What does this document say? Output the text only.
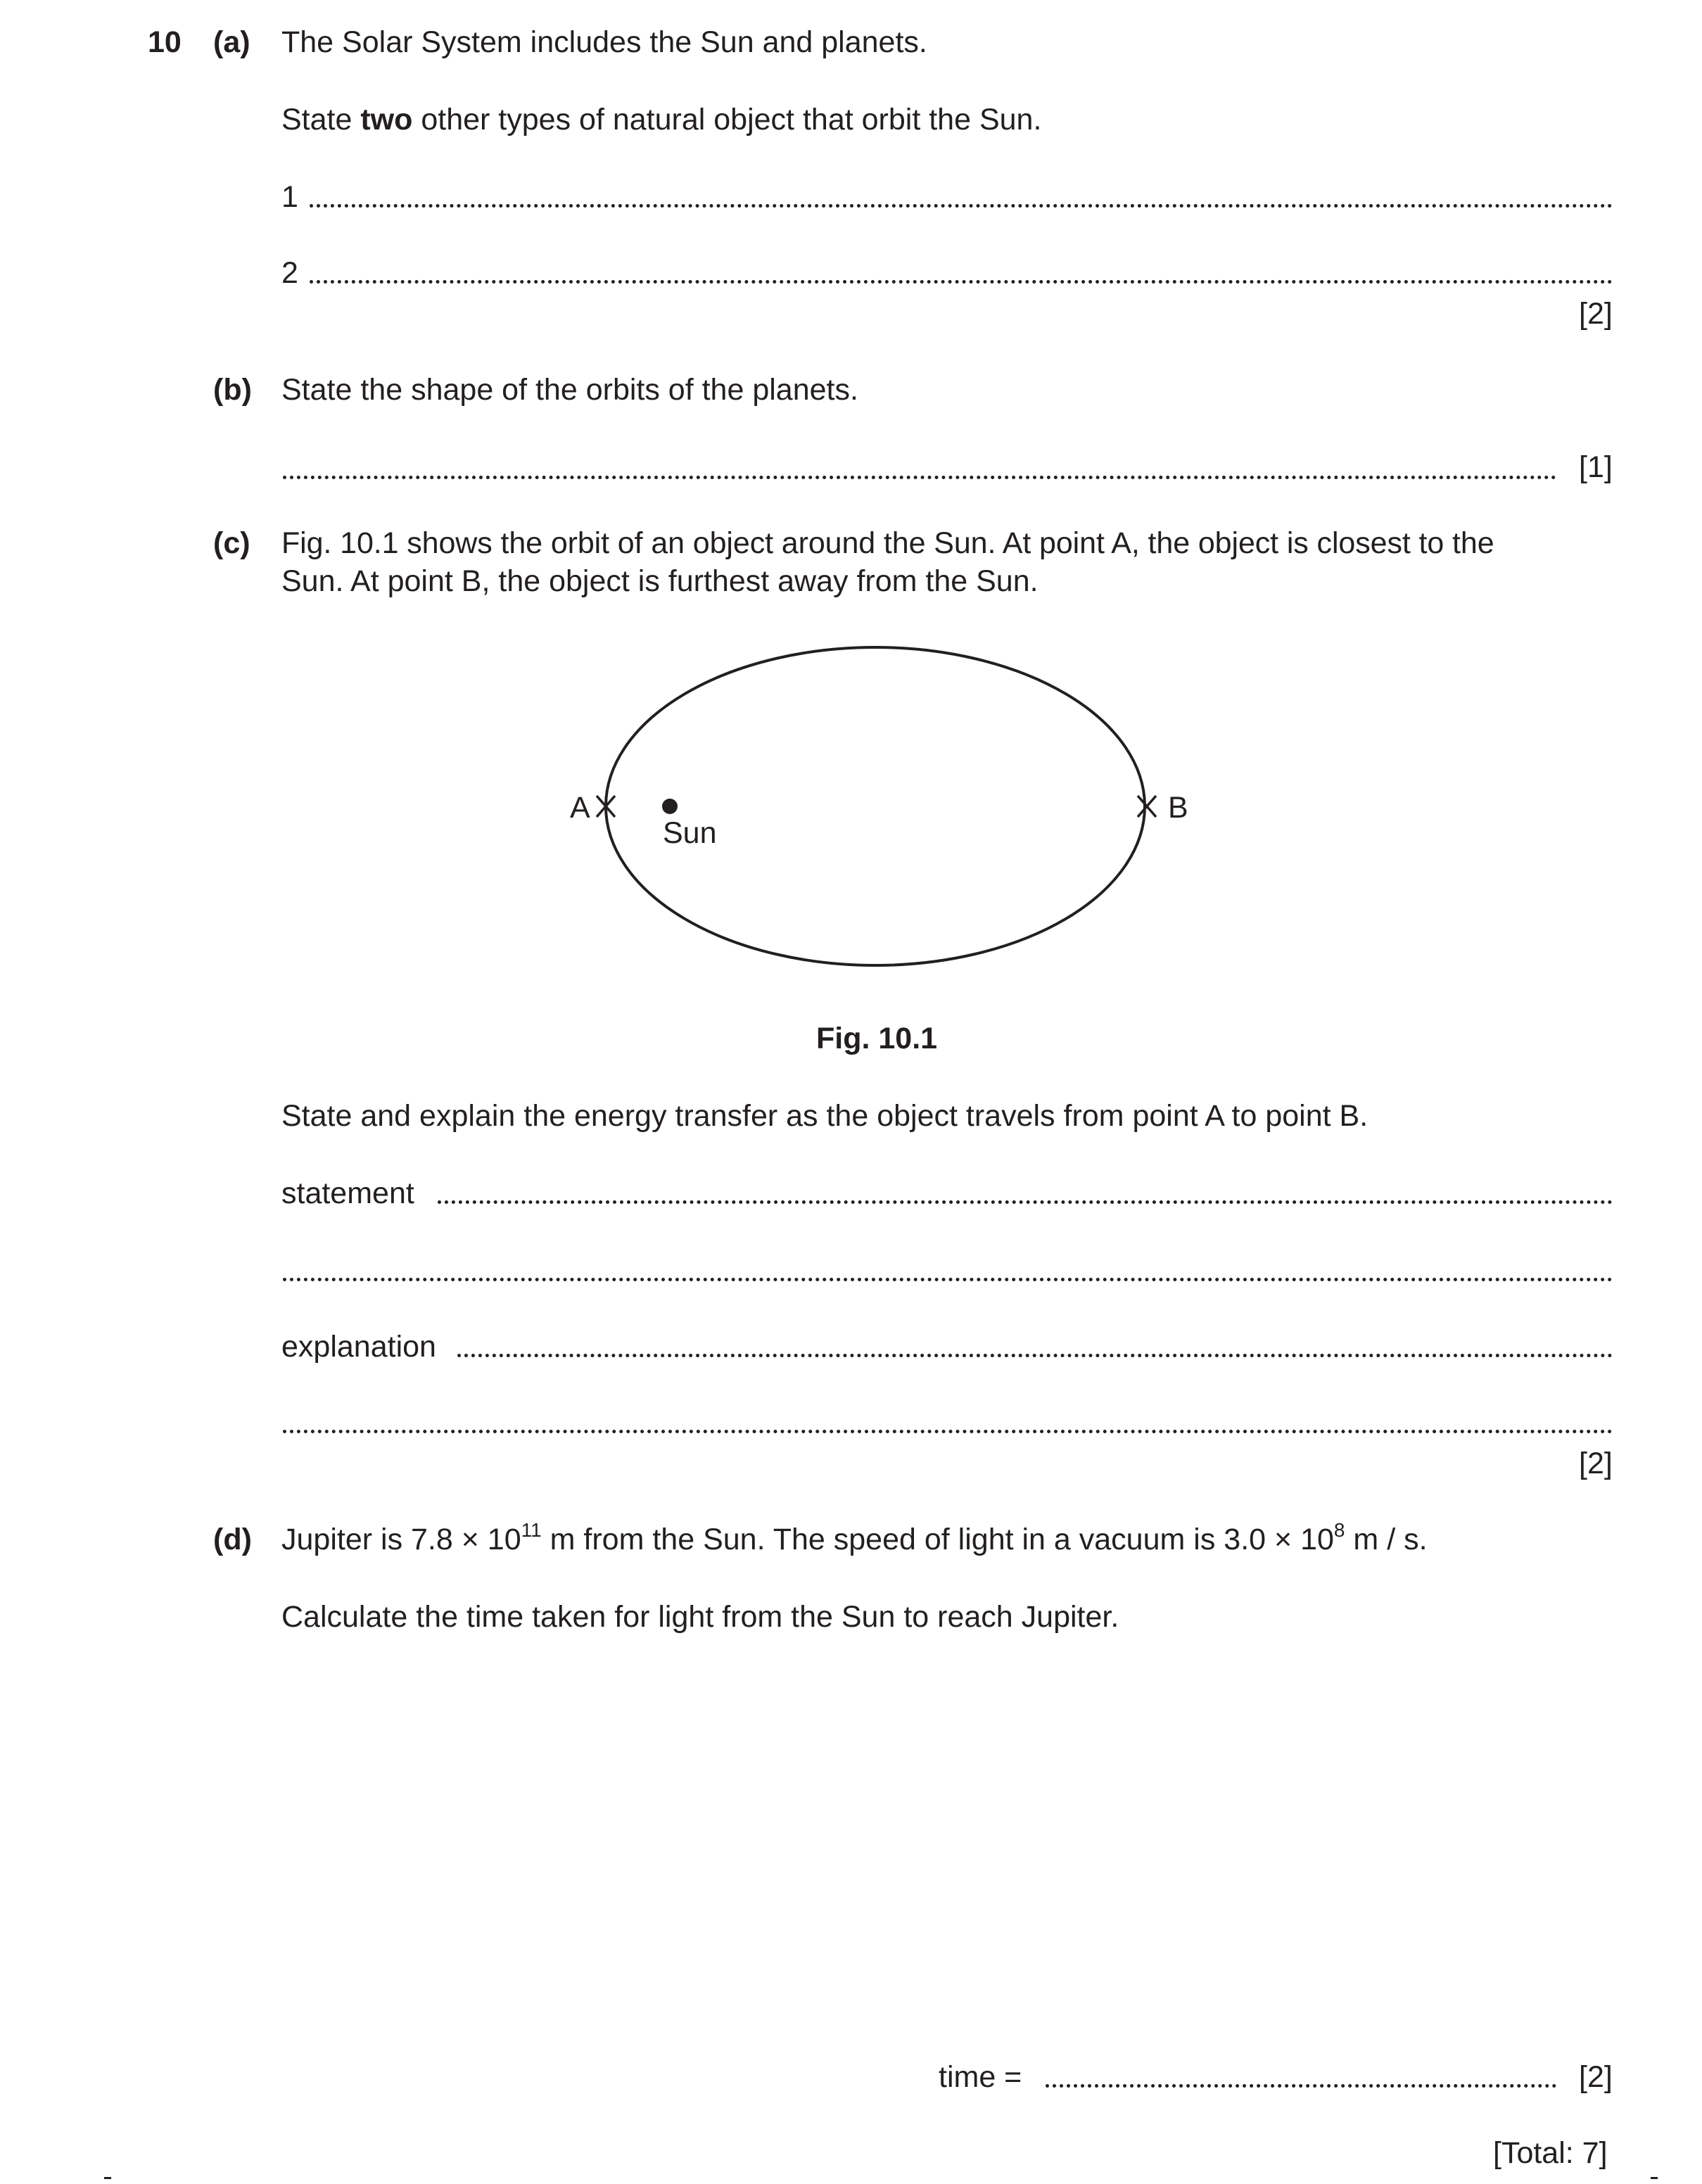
10 (a) The Solar System includes the Sun and planets.
State two other types of natural object that orbit the Sun.
1
2
[2]
(b) State the shape of the orbits of the planets.
[1]
(c) Fig. 10.1 shows the orbit of an object around the Sun. At point A, the object is closest to the
Sun. At point B, the object is furthest away from the Sun.
A	B
Sun
Fig. 10.1
State and explain the energy transfer as the object travels from point A to point B.
statement
explanation
[2]
(d) Jupiter is $7.8 \times 10^{11}$ m from the Sun. The speed of light in a vacuum is $3.0 \times 10^8$ m / s.
Calculate the time taken for light from the Sun to reach Jupiter.
time =	[2]
[Total: 7]
